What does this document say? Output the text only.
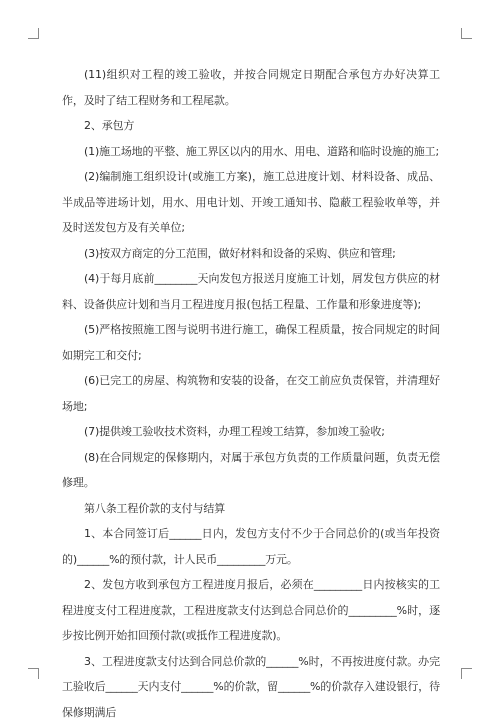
(11)组织对工程的竣工验收，并按合同规定日期配合承包方办好决算工作，及时了结工程财务和工程尾款。

2、承包方

(1)施工场地的平整、施工界区以内的用水、用电、道路和临时设施的施工;

(2)编制施工组织设计(或施工方案)，施工总进度计划、材料设备、成品、半成品等进场计划，用水、用电计划、开竣工通知书、隐蔽工程验收单等，并及时送发包方及有关单位;

(3)按双方商定的分工范围，做好材料和设备的采购、供应和管理;

(4)于每月底前________天向发包方报送月度施工计划，屑发包方供应的材料、设备供应计划和当月工程进度月报(包括工程量、工作量和形象进度等);

(5)严格按照施工图与说明书进行施工，确保工程质量，按合同规定的时间如期完工和交付;

(6)已完工的房屋、构筑物和安装的设备，在交工前应负责保管，并清理好场地;

(7)提供竣工验收技术资料，办理工程竣工结算，参加竣工验收;

(8)在合同规定的保修期内，对属于承包方负责的工作质量问题，负责无偿修理。

第八条工程价款的支付与结算

1、本合同签订后______日内，发包方支付不少于合同总价的(或当年投资的)______%的预付款，计人民币_________万元。

2、发包方收到承包方工程进度月报后，必须在_________日内按核实的工程进度支付工程进度款，工程进度款支付达到总合同总价的_________%时，逐步按比例开始扣回预付款(或抵作工程进度款)。

3、工程进度款支付达到合同总价款的______%时，不再按进度付款。办完工验收后______天内支付______%的价款，留______%的价款存入建设银行，待保修期满后
